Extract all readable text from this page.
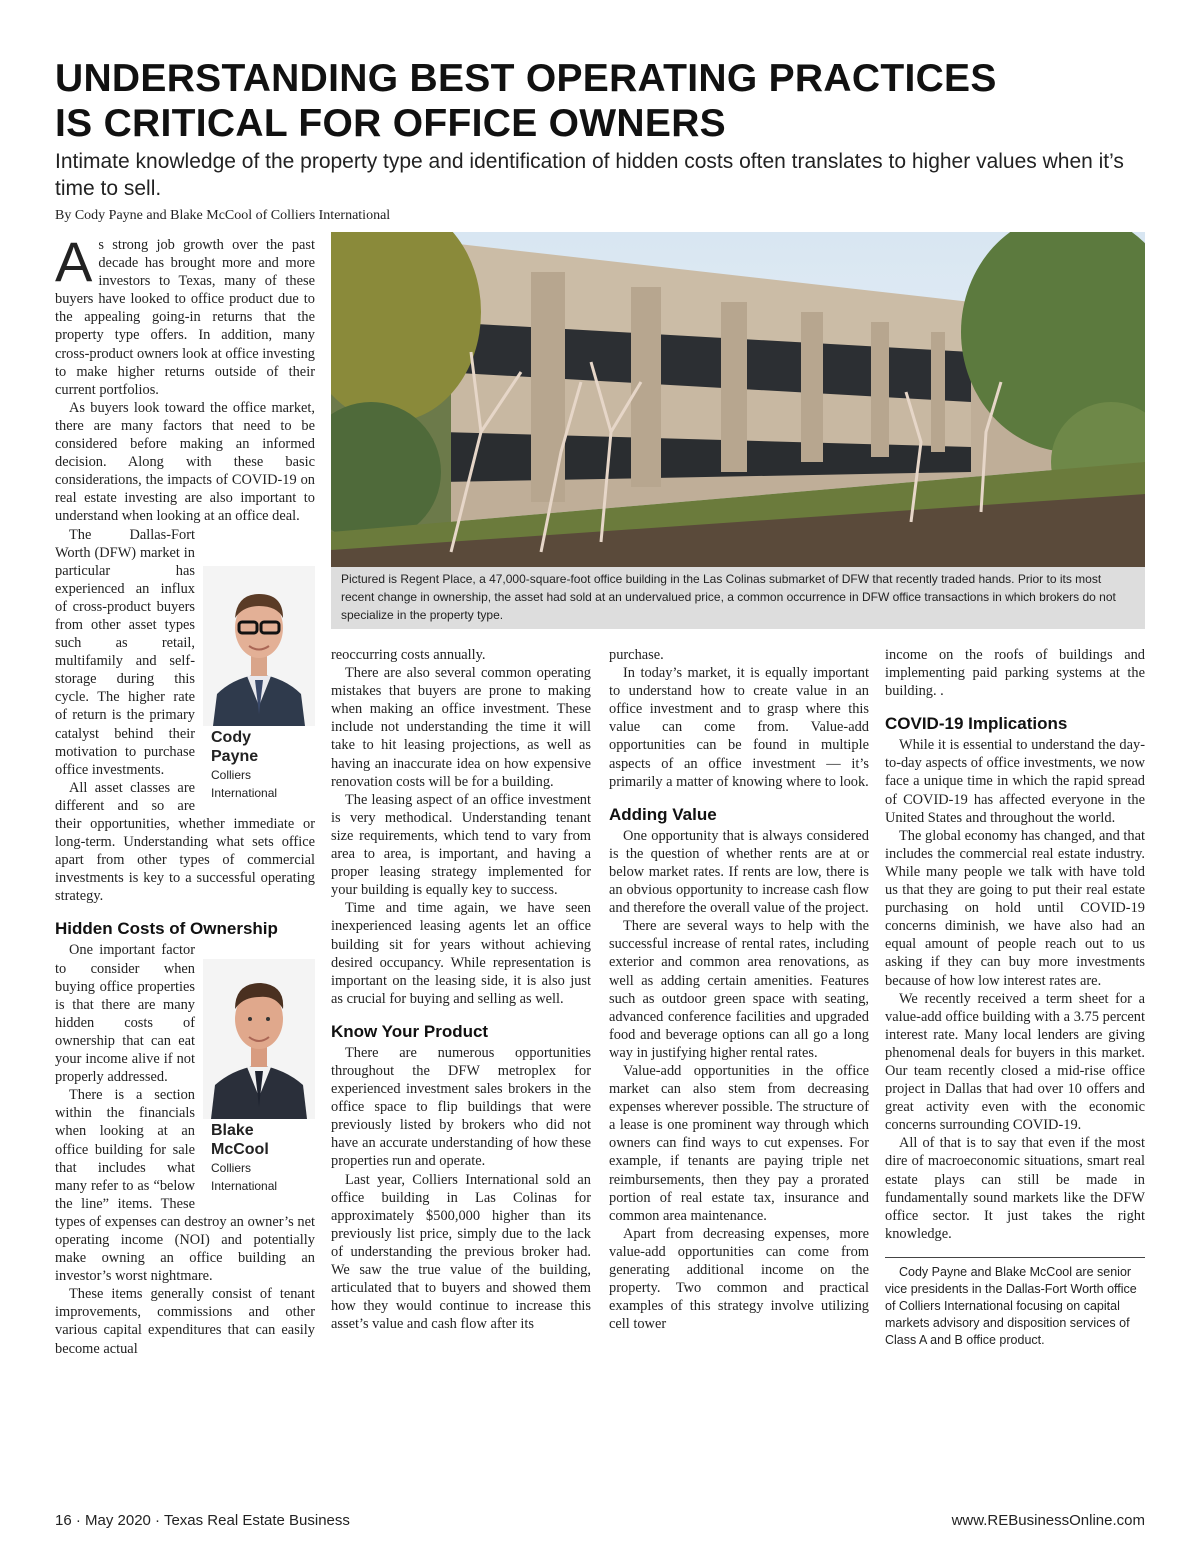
UNDERSTANDING BEST OPERATING PRACTICES
IS CRITICAL FOR OFFICE OWNERS
Intimate knowledge of the property type and identification of hidden costs often translates to higher values when it’s time to sell.
By Cody Payne and Blake McCool of Colliers International

As strong job growth over the past decade has brought more and more investors to Texas, many of these buyers have looked to office product due to the appealing going-in returns that the property type offers. In addition, many cross-product owners look at office investing to make higher returns outside of their current portfolios.

As buyers look toward the office market, there are many factors that need to be considered before making an informed decision. Along with these basic considerations, the impacts of COVID-19 on real estate investing are also important to understand when looking at an office deal.

Cody
Payne
Colliers
International
The Dallas-Fort Worth (DFW) market in particular has experienced an influx of cross-product buyers from other asset types such as retail, multifamily and self-storage during this cycle. The higher rate of return is the primary catalyst behind their motivation to purchase office investments.

All asset classes are different and so are their opportunities, whether immediate or long-term. Understanding what sets office apart from other types of commercial investments is key to a successful operating strategy.

Hidden Costs of Ownership

Blake
McCool
Colliers
International
One important factor to consider when buying office properties is that there are many hidden costs of ownership that can eat your income alive if not properly addressed.

There is a section within the financials when looking at an office building for sale that includes what many refer to as “below the line” items. These types of expenses can destroy an owner’s net operating income (NOI) and potentially make owning an office building an investor’s worst nightmare.

These items generally consist of tenant improvements, commissions and other various capital expenditures that can easily become actual

Pictured is Regent Place, a 47,000-square-foot office building in the Las Colinas submarket of DFW that recently traded hands. Prior to its most recent change in ownership, the asset had sold at an undervalued price, a common occurrence in DFW office transactions in which brokers do not specialize in the property type.

reoccurring costs annually.

There are also several common operating mistakes that buyers are prone to making when making an office investment. These include not understanding the time it will take to hit leasing projections, as well as having an inaccurate idea on how expensive renovation costs will be for a building.

The leasing aspect of an office investment is very methodical. Understanding tenant size requirements, which tend to vary from area to area, is important, and having a proper leasing strategy implemented for your building is equally key to success.

Time and time again, we have seen inexperienced leasing agents let an office building sit for years without achieving desired occupancy. While representation is important on the leasing side, it is also just as crucial for buying and selling as well.

Know Your Product

There are numerous opportunities throughout the DFW metroplex for experienced investment sales brokers in the office space to flip buildings that were previously listed by brokers who did not have an accurate understanding of how these properties run and operate.

Last year, Colliers International sold an office building in Las Colinas for approximately $500,000 higher than its previously list price, simply due to the lack of understanding the previous broker had. We saw the true value of the building, articulated that to buyers and showed them how they would continue to increase this asset’s value and cash flow after its

purchase.

In today’s market, it is equally important to understand how to create value in an office investment and to grasp where this value can come from. Value-add opportunities can be found in multiple aspects of an office investment — it’s primarily a matter of knowing where to look.

Adding Value

One opportunity that is always considered is the question of whether rents are at or below market rates. If rents are low, there is an obvious opportunity to increase cash flow and therefore the overall value of the project.

There are several ways to help with the successful increase of rental rates, including exterior and common area renovations, as well as adding certain amenities. Features such as outdoor green space with seating, advanced conference facilities and upgraded food and beverage options can all go a long way in justifying higher rental rates.

Value-add opportunities in the office market can also stem from decreasing expenses wherever possible. The structure of a lease is one prominent way through which owners can find ways to cut expenses. For example, if tenants are paying triple net reimbursements, then they pay a prorated portion of real estate tax, insurance and common area maintenance.

Apart from decreasing expenses, more value-add opportunities can come from generating additional income on the property. Two common and practical examples of this strategy involve utilizing cell tower

income on the roofs of buildings and implementing paid parking systems at the building. .

COVID-19 Implications

While it is essential to understand the day-to-day aspects of office investments, we now face a unique time in which the rapid spread of COVID-19 has affected everyone in the United States and throughout the world.

The global economy has changed, and that includes the commercial real estate industry. While many people we talk with have told us that they are going to put their real estate purchasing on hold until COVID-19 concerns diminish, we have also had an equal amount of people reach out to us asking if they can buy more investments because of how low interest rates are.

We recently received a term sheet for a value-add office building with a 3.75 percent interest rate. Many local lenders are giving phenomenal deals for buyers in this market. Our team recently closed a mid-rise office project in Dallas that had over 10 offers and great activity even with the economic concerns surrounding COVID-19.

All of that is to say that even if the most dire of macroeconomic situations, smart real estate plays can still be made in fundamentally sound markets like the DFW office sector. It just takes the right knowledge.

Cody Payne and Blake McCool are senior vice presidents in the Dallas-Fort Worth office of Colliers International focusing on capital markets advisory and disposition services of Class A and B office product.

16 · May 2020 · Texas Real Estate Business	www.REBusinessOnline.com
